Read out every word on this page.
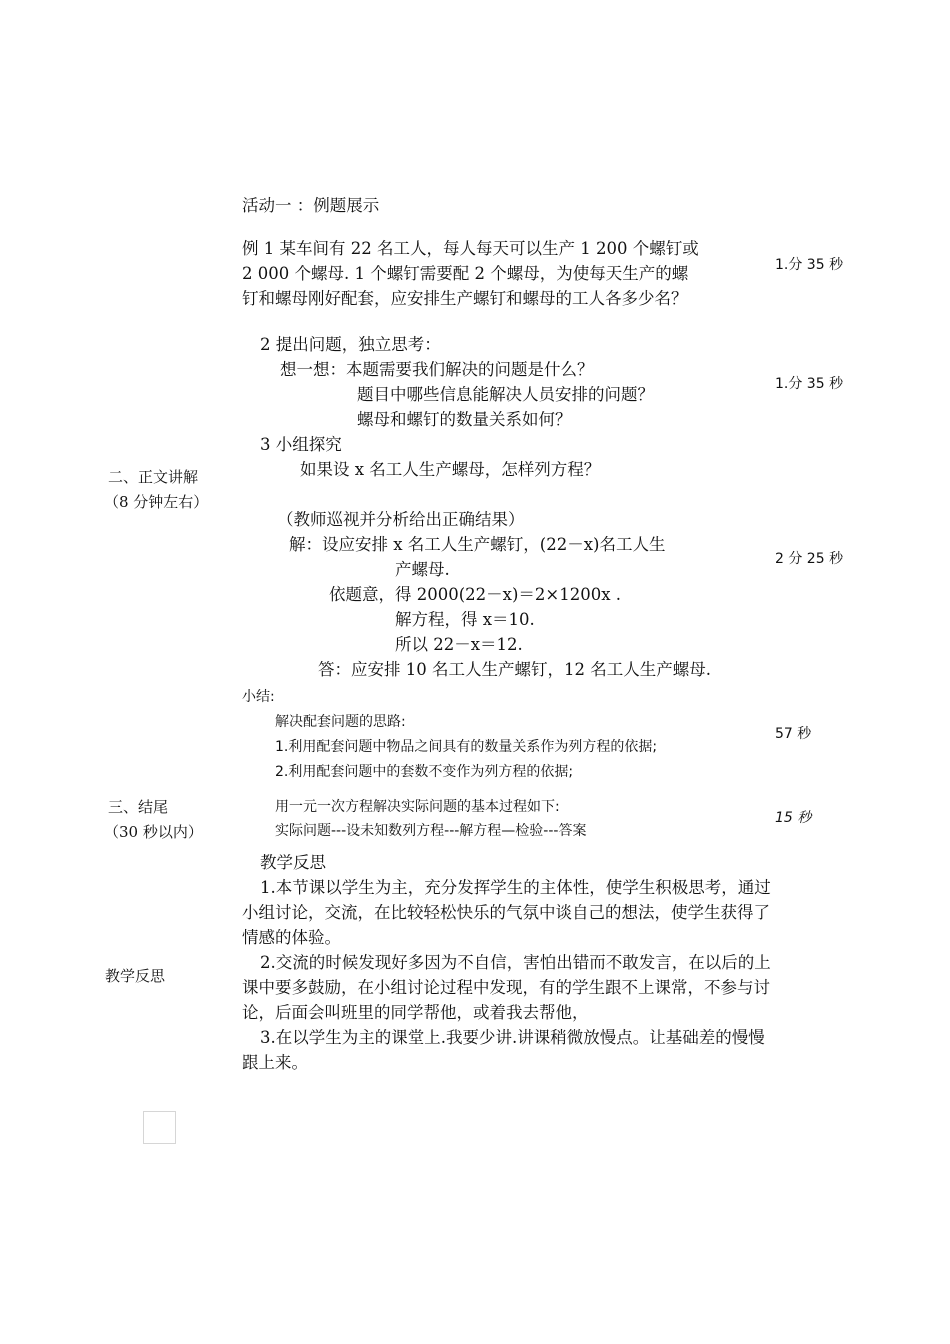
活动一 ：例题展示
例 1 某车间有 22 名工人，每人每天可以生产 1 200 个螺钉或
2 000 个螺母. 1 个螺钉需要配 2 个螺母，为使每天生产的螺
钉和螺母刚好配套，应安排生产螺钉和螺母的工人各多少名？
1.分 35 秒
2 提出问题，独立思考：
想一想：本题需要我们解决的问题是什么？
题目中哪些信息能解决人员安排的问题？
螺母和螺钉的数量关系如何？
1.分 35 秒
3 小组探究
如果设 x 名工人生产螺母，怎样列方程？
二、正文讲解
（8 分钟左右）
（教师巡视并分析给出正确结果）
解：设应安排 x 名工人生产螺钉，(22－x)名工人生
产螺母.
依题意，得 2000(22－x)＝2×1200x .
解方程，得 x＝10.
所以 22－x＝12.
答：应安排 10 名工人生产螺钉，12 名工人生产螺母.
2 分 25 秒
小结:
解决配套问题的思路:
1.利用配套问题中物品之间具有的数量关系作为列方程的依据;
2.利用配套问题中的套数不变作为列方程的依据;
57 秒
三、结尾
（30 秒以内）
用一元一次方程解决实际问题的基本过程如下:
实际问题---设未知数列方程---解方程—检验---答案
15 秒
教学反思
1.本节课以学生为主，充分发挥学生的主体性，使学生积极思考，通过
小组讨论，交流，在比较轻松快乐的气氛中谈自己的想法，使学生获得了
情感的体验。
教学反思
2.交流的时候发现好多因为不自信，害怕出错而不敢发言，在以后的上
课中要多鼓励，在小组讨论过程中发现，有的学生跟不上课常，不参与讨
论，后面会叫班里的同学帮他，或着我去帮他，
3.在以学生为主的课堂上.我要少讲.讲课稍微放慢点。让基础差的慢慢
跟上来。
